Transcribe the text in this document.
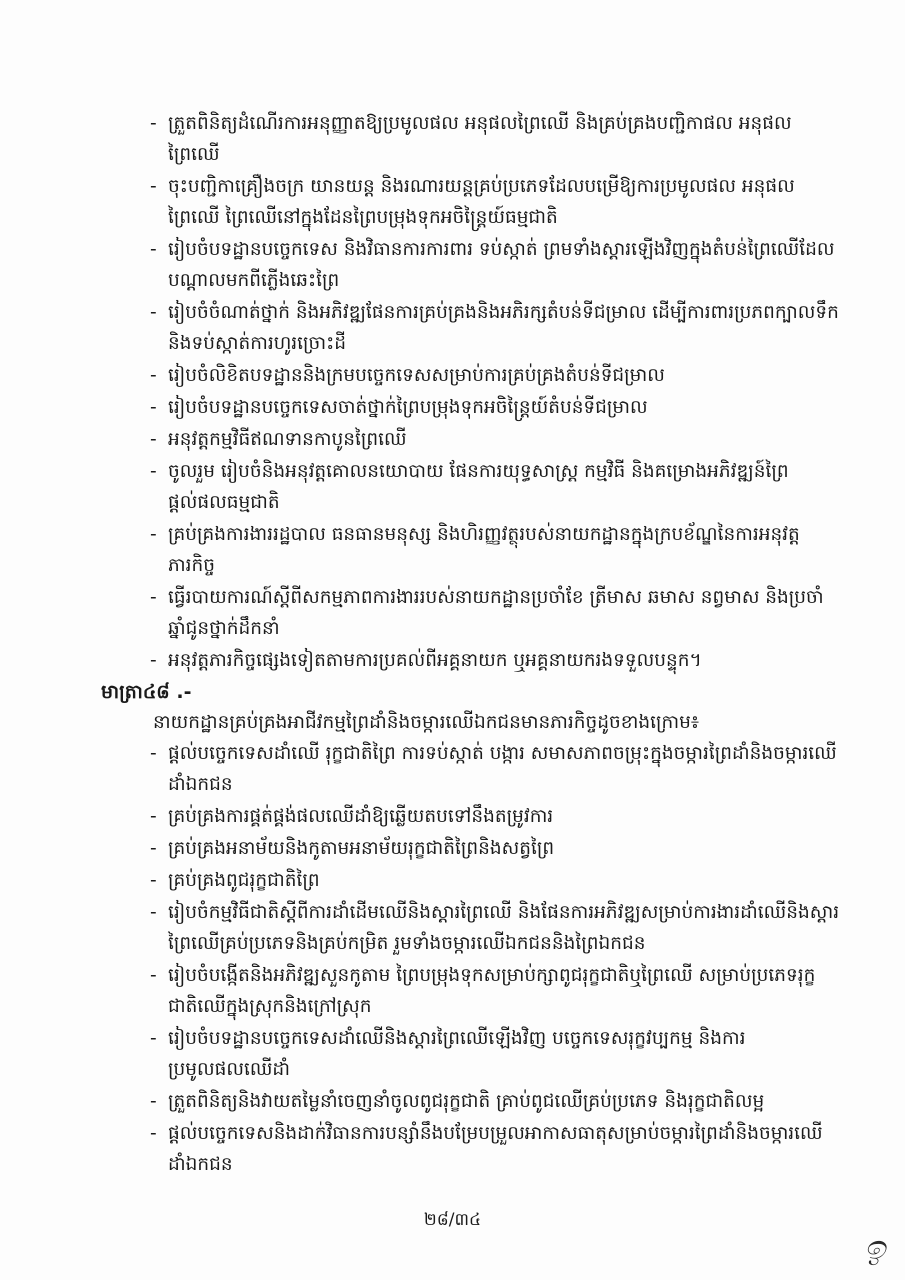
- ត្រួតពិនិត្យដំណើរការអនុញ្ញាតឱ្យប្រមូលផល អនុផលព្រៃឈើ និងគ្រប់គ្រងបញ្ជិកាផល អនុផលព្រៃឈើ
- ចុះបញ្ជិកាគ្រឿងចក្រ យានយន្ត និងរណារយន្តគ្រប់ប្រភេទដែលបម្រើឱ្យការប្រមូលផល អនុផលព្រៃឈើ ព្រៃឈើនៅក្នុងដែនព្រៃបម្រុងទុកអចិន្ត្រៃយ៍ធម្មជាតិ
- រៀបចំបទដ្ឋានបច្ចេកទេស និងវិធានការការពារ ទប់ស្កាត់ ព្រមទាំងស្តារឡើងវិញក្នុងតំបន់ព្រៃឈើដែលបណ្តាលមកពីភ្លើងឆេះព្រៃ
- រៀបចំចំណាត់ថ្នាក់ និងអភិវឌ្ឍផែនការគ្រប់គ្រងនិងអភិរក្សតំបន់ទីជម្រាល ដើម្បីការពារប្រភពក្បាលទឹក និងទប់ស្កាត់ការហូរច្រោះដី
- រៀបចំលិខិតបទដ្ឋាននិងក្រមបច្ចេកទេសសម្រាប់ការគ្រប់គ្រងតំបន់ទីជម្រាល
- រៀបចំបទដ្ឋានបច្ចេកទេសចាត់ថ្នាក់ព្រៃបម្រុងទុកអចិន្ត្រៃយ៍តំបន់ទីជម្រាល
- អនុវត្តកម្មវិធីឥណទានកាបូនព្រៃឈើ
- ចូលរួម រៀបចំនិងអនុវត្តគោលនយោបាយ ផែនការយុទ្ធសាស្ត្រ កម្មវិធី និងគម្រោងអភិវឌ្ឍន៍ព្រៃផ្តល់ផលធម្មជាតិ
- គ្រប់គ្រងការងាររដ្ឋបាល ធនធានមនុស្ស និងហិរញ្ញវត្ថុរបស់នាយកដ្ឋានក្នុងក្របខ័ណ្ឌនៃការអនុវត្តភារកិច្ច
- ធ្វើរបាយការណ៍ស្តីពីសកម្មភាពការងាររបស់នាយកដ្ឋានប្រចាំខែ ត្រីមាស ឆមាស នព្វមាស និងប្រចាំឆ្នាំជូនថ្នាក់ដឹកនាំ
- អនុវត្តភារកិច្ចផ្សេងទៀតតាមការប្រគល់ពីអគ្គនាយក ឬអគ្គនាយករងទទួលបន្ទុក។
មាត្រា៤៨ .-
នាយកដ្ឋានគ្រប់គ្រងអាជីវកម្មព្រៃដាំនិងចម្ការឈើឯកជនមានភារកិច្ចដូចខាងក្រោម៖
- ផ្តល់បច្ចេកទេសដាំឈើ រុក្ខជាតិព្រៃ ការទប់ស្កាត់ បង្ការ សមាសភាពចម្រុះក្នុងចម្ការព្រៃដាំនិងចម្ការឈើដាំឯកជន
- គ្រប់គ្រងការផ្គត់ផ្គង់ផលឈើដាំឱ្យឆ្លើយតបទៅនឹងតម្រូវការ
- គ្រប់គ្រងអនាម័យនិងកូតាមអនាម័យរុក្ខជាតិព្រៃនិងសត្វព្រៃ
- គ្រប់គ្រងពូជរុក្ខជាតិព្រៃ
- រៀបចំកម្មវិធីជាតិស្តីពីការដាំដើមឈើនិងស្តារព្រៃឈើ និងផែនការអភិវឌ្ឍសម្រាប់ការងារដាំឈើនិងស្តារព្រៃឈើគ្រប់ប្រភេទនិងគ្រប់កម្រិត រួមទាំងចម្ការឈើឯកជននិងព្រៃឯកជន
- រៀបចំបង្កើតនិងអភិវឌ្ឍសួនកូតាម ព្រៃបម្រុងទុកសម្រាប់ក្សាពូជរុក្ខជាតិឬព្រៃឈើ សម្រាប់ប្រភេទរុក្ខជាតិឈើក្នុងស្រុកនិងក្រៅស្រុក
- រៀបចំបទដ្ឋានបច្ចេកទេសដាំឈើនិងស្តារព្រៃឈើឡើងវិញ បច្ចេកទេសរុក្ខវប្បកម្ម និងការប្រមូលផលឈើដាំ
- ត្រួតពិនិត្យនិងវាយតម្លៃនាំចេញនាំចូលពូជរុក្ខជាតិ គ្រាប់ពូជឈើគ្រប់ប្រភេទ និងរុក្ខជាតិលម្អ
- ផ្តល់បច្ចេកទេសនិងដាក់វិធានការបន្សាំនឹងបម្រែបម្រួលអាកាសធាតុសម្រាប់ចម្ការព្រៃដាំនិងចម្ការឈើដាំឯកជន
២៨/៣៤
ඉ
